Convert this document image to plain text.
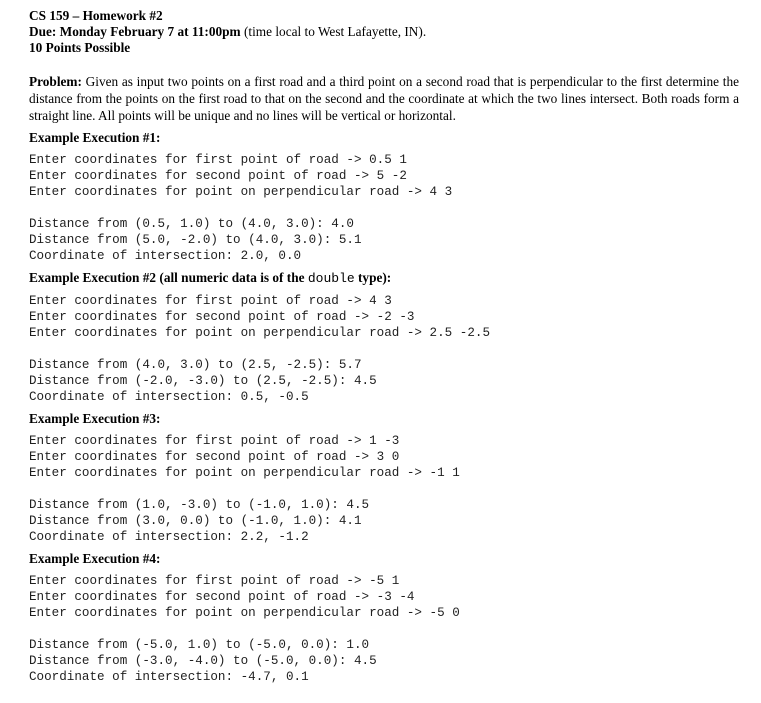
CS 159 – Homework #2
Due: Monday February 7 at 11:00pm (time local to West Lafayette, IN).
10 Points Possible
Problem: Given as input two points on a first road and a third point on a second road that is perpendicular to the first determine the distance from the points on the first road to that on the second and the coordinate at which the two lines intersect. Both roads form a straight line. All points will be unique and no lines will be vertical or horizontal.
Example Execution #1:
Enter coordinates for first point of road -> 0.5 1
Enter coordinates for second point of road -> 5 -2
Enter coordinates for point on perpendicular road -> 4 3
Distance from (0.5, 1.0) to (4.0, 3.0): 4.0
Distance from (5.0, -2.0) to (4.0, 3.0): 5.1
Coordinate of intersection: 2.0, 0.0
Example Execution #2 (all numeric data is of the double type):
Enter coordinates for first point of road -> 4 3
Enter coordinates for second point of road -> -2 -3
Enter coordinates for point on perpendicular road -> 2.5 -2.5
Distance from (4.0, 3.0) to (2.5, -2.5): 5.7
Distance from (-2.0, -3.0) to (2.5, -2.5): 4.5
Coordinate of intersection: 0.5, -0.5
Example Execution #3:
Enter coordinates for first point of road -> 1 -3
Enter coordinates for second point of road -> 3 0
Enter coordinates for point on perpendicular road -> -1 1
Distance from (1.0, -3.0) to (-1.0, 1.0): 4.5
Distance from (3.0, 0.0) to (-1.0, 1.0): 4.1
Coordinate of intersection: 2.2, -1.2
Example Execution #4:
Enter coordinates for first point of road -> -5 1
Enter coordinates for second point of road -> -3 -4
Enter coordinates for point on perpendicular road -> -5 0
Distance from (-5.0, 1.0) to (-5.0, 0.0): 1.0
Distance from (-3.0, -4.0) to (-5.0, 0.0): 4.5
Coordinate of intersection: -4.7, 0.1
